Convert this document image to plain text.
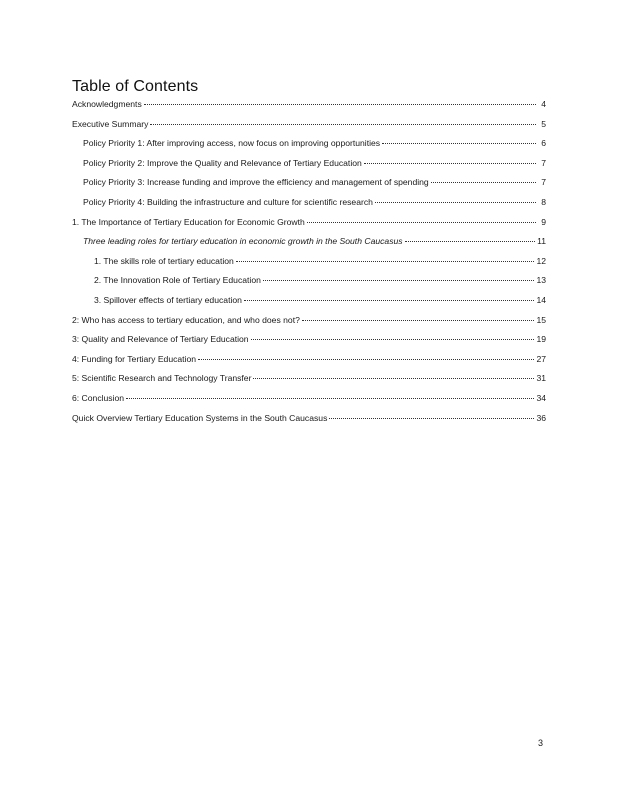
Table of Contents
Acknowledgments	4
Executive Summary	5
Policy Priority 1: After improving access, now focus on improving opportunities	6
Policy Priority 2: Improve the Quality and Relevance of Tertiary Education	7
Policy Priority 3: Increase funding and improve the efficiency and management of spending	7
Policy Priority 4: Building the infrastructure and culture for scientific research	8
1. The Importance of Tertiary Education for Economic Growth	9
Three leading roles for tertiary education in economic growth in the South Caucasus	11
1. The skills role of tertiary education	12
2. The Innovation Role of Tertiary Education	13
3. Spillover effects of tertiary education	14
2: Who has access to tertiary education, and who does not?	15
3: Quality and Relevance of Tertiary Education	19
4: Funding for Tertiary Education	27
5: Scientific Research and Technology Transfer	31
6: Conclusion	34
Quick Overview Tertiary Education Systems in the South Caucasus	36
3
